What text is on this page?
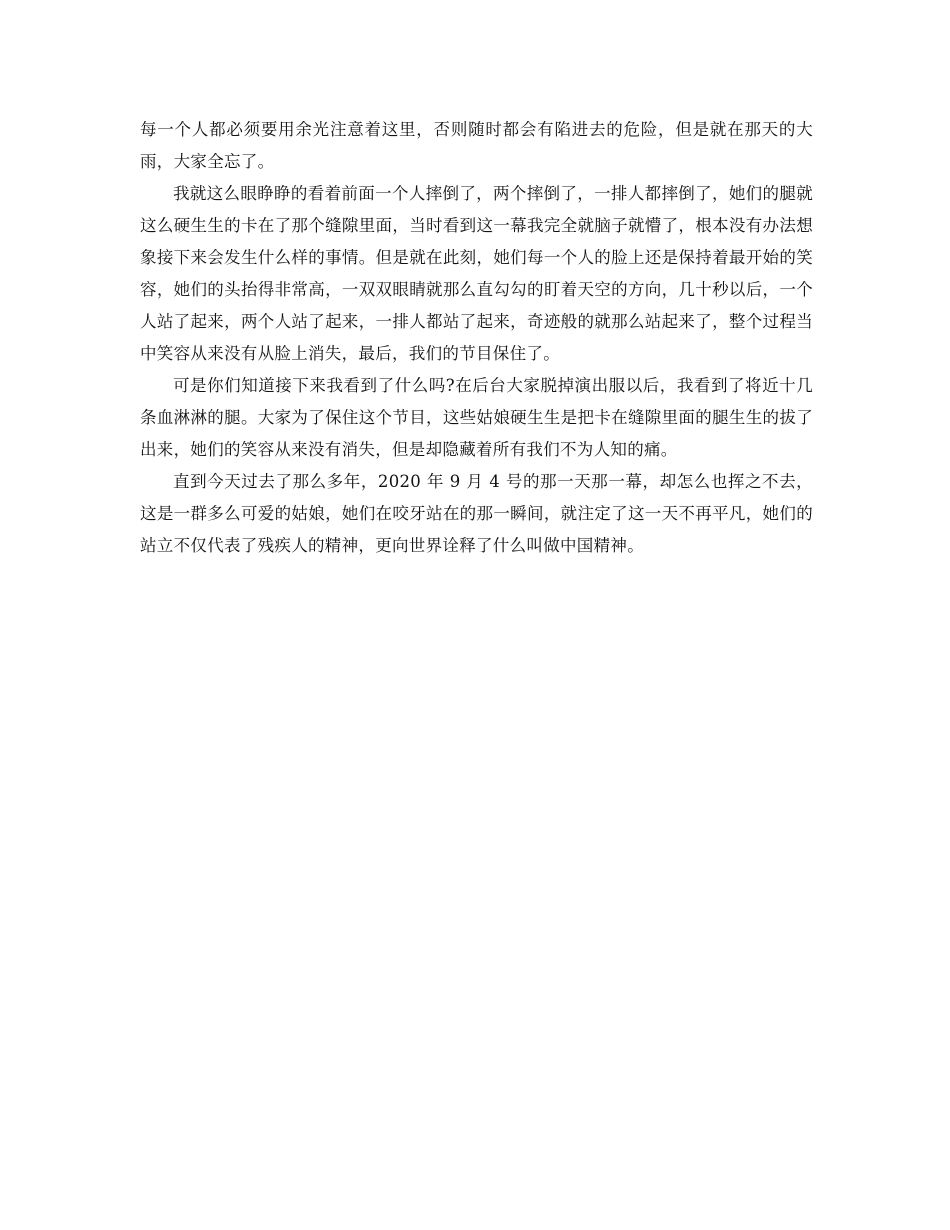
每一个人都必须要用余光注意着这里，否则随时都会有陷进去的危险，但是就在那天的大雨，大家全忘了。

我就这么眼睁睁的看着前面一个人摔倒了，两个摔倒了，一排人都摔倒了，她们的腿就这么硬生生的卡在了那个缝隙里面，当时看到这一幕我完全就脑子就懵了，根本没有办法想象接下来会发生什么样的事情。但是就在此刻，她们每一个人的脸上还是保持着最开始的笑容，她们的头抬得非常高，一双双眼睛就那么直勾勾的盯着天空的方向，几十秒以后，一个人站了起来，两个人站了起来，一排人都站了起来，奇迹般的就那么站起来了，整个过程当中笑容从来没有从脸上消失，最后，我们的节目保住了。

可是你们知道接下来我看到了什么吗?在后台大家脱掉演出服以后，我看到了将近十几条血淋淋的腿。大家为了保住这个节目，这些姑娘硬生生是把卡在缝隙里面的腿生生的拔了出来，她们的笑容从来没有消失，但是却隐藏着所有我们不为人知的痛。

直到今天过去了那么多年，2020 年 9 月 4 号的那一天那一幕，却怎么也挥之不去，这是一群多么可爱的姑娘，她们在咬牙站在的那一瞬间，就注定了这一天不再平凡，她们的站立不仅代表了残疾人的精神，更向世界诠释了什么叫做中国精神。
